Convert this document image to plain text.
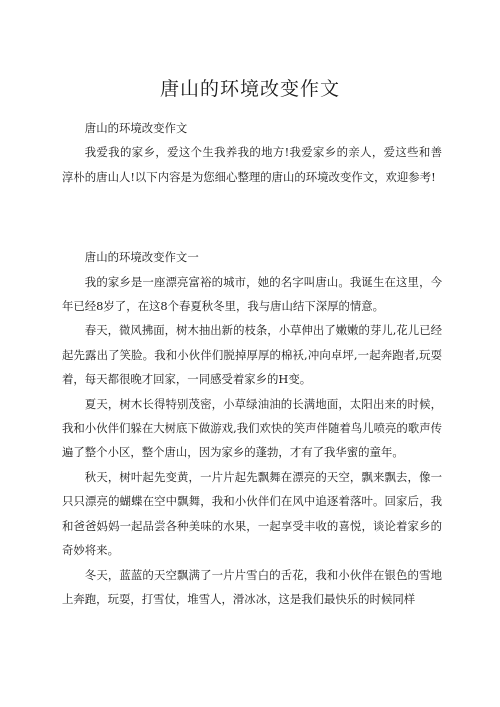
唐山的环境改变作文

唐山的环境改变作文

我爱我的家乡，爱这个生我养我的地方!我爱家乡的亲人，爱这些和善淳朴的唐山人!以下内容是为您细心整理的唐山的环境改变作文，欢迎参考!

唐山的环境改变作文一

我的家乡是一座漂亮富裕的城市，她的名字叫唐山。我诞生在这里，今年已经8岁了，在这8个春夏秋冬里，我与唐山结下深厚的情意。

春天，微风拂面，树木抽出新的枝条，小草伸出了嫩嫩的芽儿,花儿已经起先露出了笑脸。我和小伙伴们脱掉厚厚的棉袄,冲向卓坪,一起奔跑者,玩耍着，每天都很晚才回家，一同感受着家乡的H变。

夏天，树木长得特别茂密，小草绿油油的长满地面，太阳出来的时候，我和小伙伴们躲在大树底下做游戏,我们欢快的笑声伴随着鸟儿喷亮的歌声传遍了整个小区，整个唐山，因为家乡的蓬勃，才有了我华蜜的童年。

秋天，树叶起先变黄，一片片起先飘舞在漂亮的天空，飘来飘去，像一只只漂亮的蝴蝶在空中飘舞，我和小伙伴们在风中追逐着落叶。回家后，我和爸爸妈妈一起品尝各种美味的水果，一起享受丰收的喜悦，谈论着家乡的奇妙将来。

冬天，蓝蓝的天空飘满了一片片雪白的舌花，我和小伙伴在银色的雪地上奔跑，玩耍，打雪仗，堆雪人，滑冰冰，这是我们最快乐的时候同样
